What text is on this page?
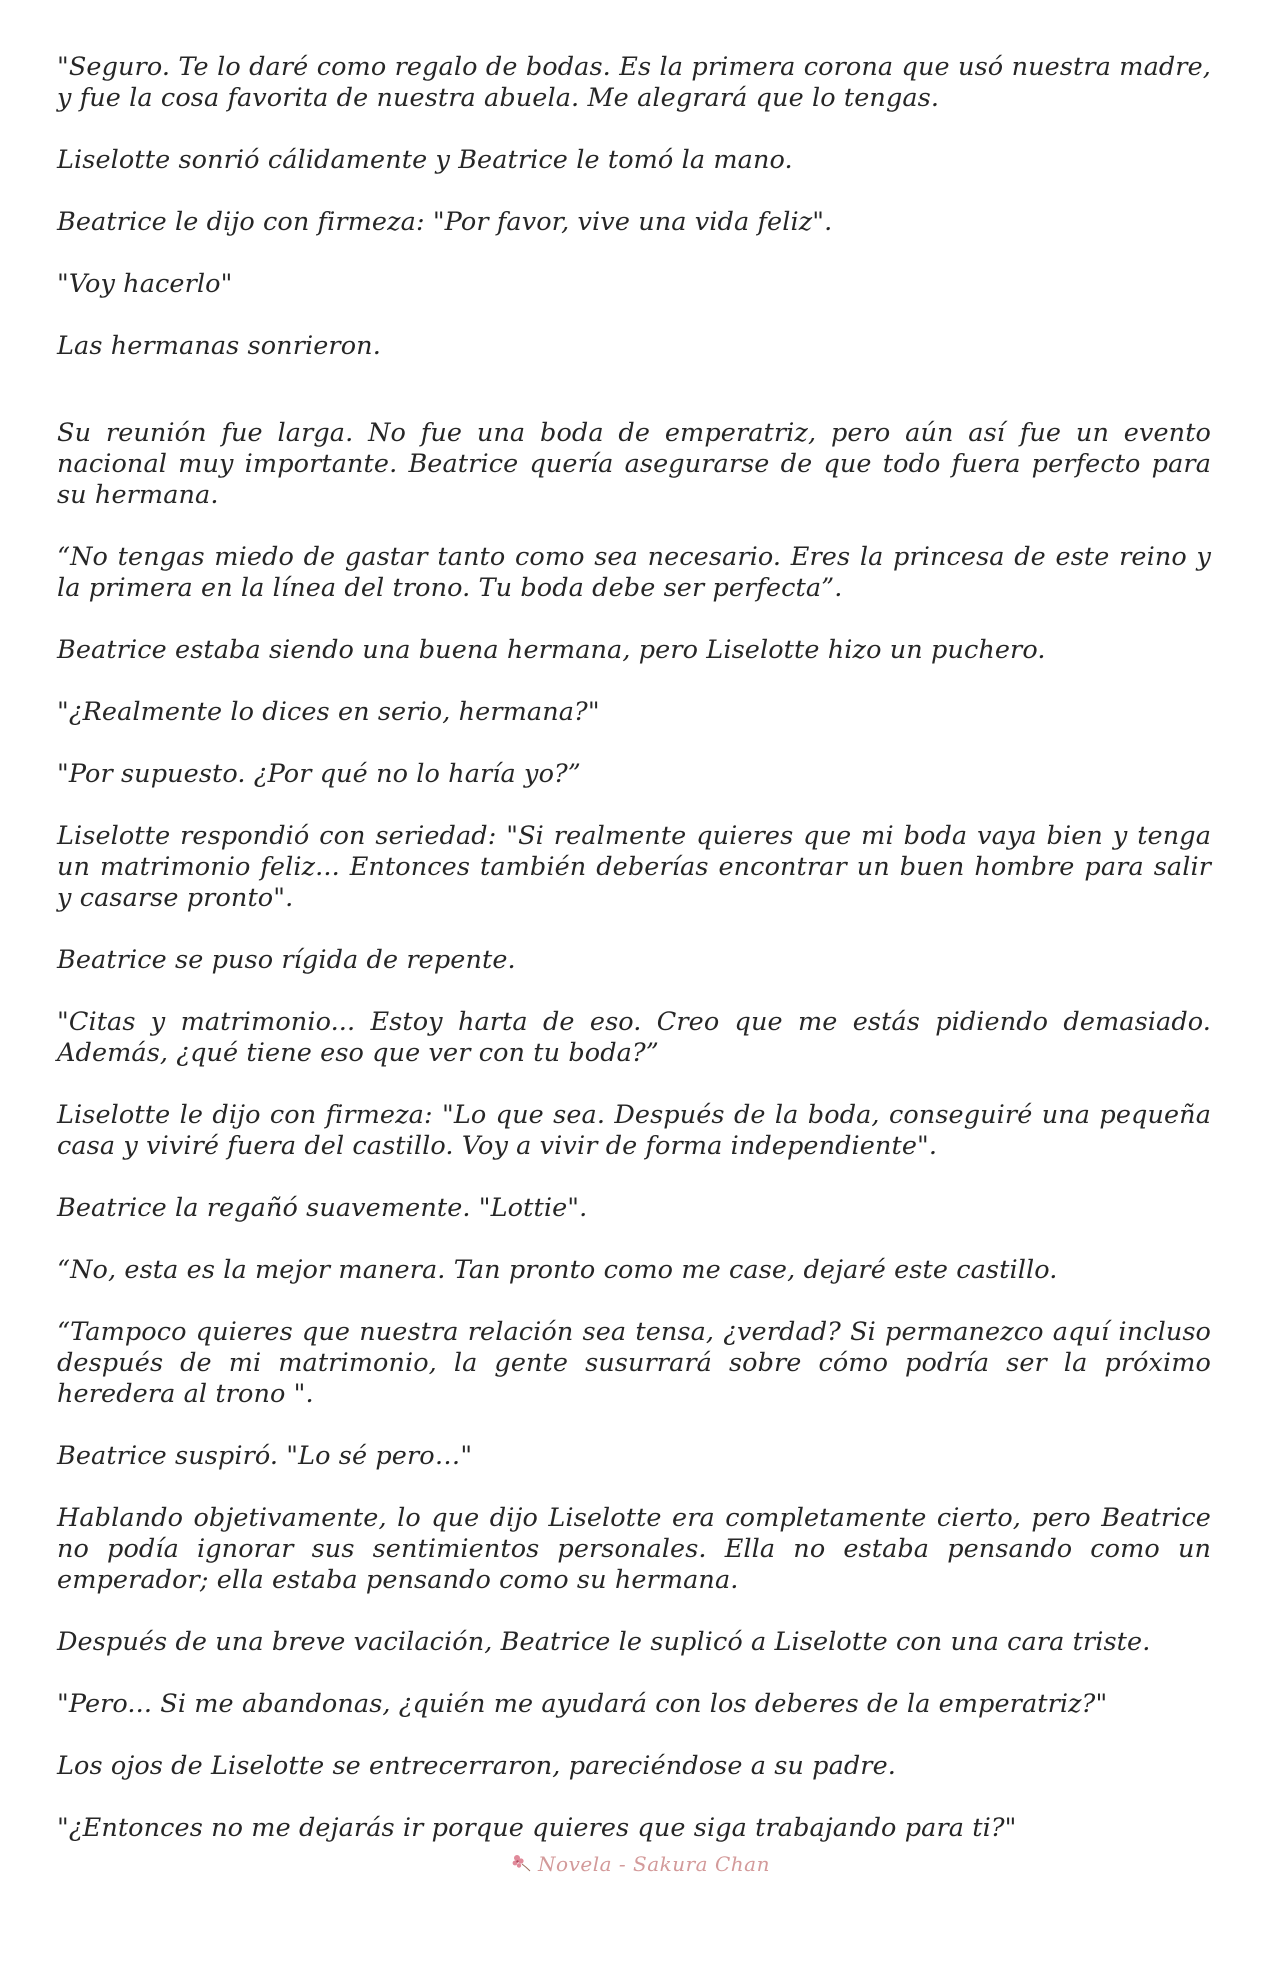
"Seguro. Te lo daré como regalo de bodas. Es la primera corona que usó nuestra madre, y fue la cosa favorita de nuestra abuela. Me alegrará que lo tengas.

Liselotte sonrió cálidamente y Beatrice le tomó la mano.

Beatrice le dijo con firmeza: "Por favor, vive una vida feliz".

"Voy hacerlo"

Las hermanas sonrieron.

Su reunión fue larga. No fue una boda de emperatriz, pero aún así fue un evento nacional muy importante. Beatrice quería asegurarse de que todo fuera perfecto para su hermana.

“No tengas miedo de gastar tanto como sea necesario. Eres la princesa de este reino y la primera en la línea del trono. Tu boda debe ser perfecta”.

Beatrice estaba siendo una buena hermana, pero Liselotte hizo un puchero.

"¿Realmente lo dices en serio, hermana?"

"Por supuesto. ¿Por qué no lo haría yo?”

Liselotte respondió con seriedad: "Si realmente quieres que mi boda vaya bien y tenga un matrimonio feliz... Entonces también deberías encontrar un buen hombre para salir y casarse pronto".

Beatrice se puso rígida de repente.

"Citas y matrimonio... Estoy harta de eso. Creo que me estás pidiendo demasiado. Además, ¿qué tiene eso que ver con tu boda?”

Liselotte le dijo con firmeza: "Lo que sea. Después de la boda, conseguiré una pequeña casa y viviré fuera del castillo. Voy a vivir de forma independiente".

Beatrice la regañó suavemente. "Lottie".

“No, esta es la mejor manera. Tan pronto como me case, dejaré este castillo.

“Tampoco quieres que nuestra relación sea tensa, ¿verdad? Si permanezco aquí incluso después de mi matrimonio, la gente susurrará sobre cómo podría ser la próximo heredera al trono ".

Beatrice suspiró. "Lo sé pero…"

Hablando objetivamente, lo que dijo Liselotte era completamente cierto, pero Beatrice no podía ignorar sus sentimientos personales. Ella no estaba pensando como un emperador; ella estaba pensando como su hermana.

Después de una breve vacilación, Beatrice le suplicó a Liselotte con una cara triste.

"Pero... Si me abandonas, ¿quién me ayudará con los deberes de la emperatriz?"

Los ojos de Liselotte se entrecerraron, pareciéndose a su padre.

"¿Entonces no me dejarás ir porque quieres que siga trabajando para ti?"

Novela - Sakura Chan
